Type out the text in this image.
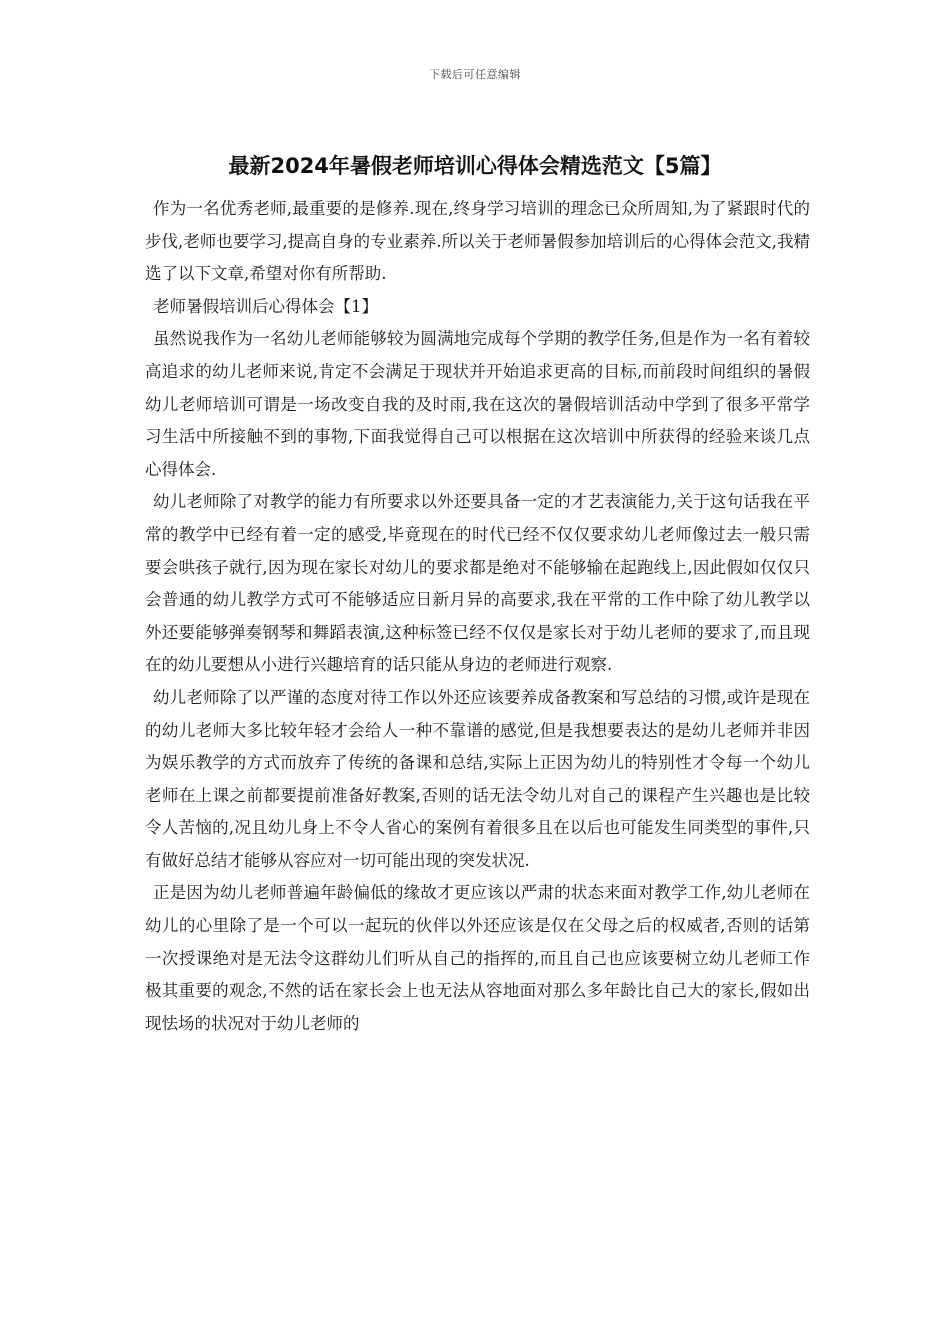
下载后可任意编辑
最新2024年暑假老师培训心得体会精选范文【5篇】

作为一名优秀老师,最重要的是修养.现在,终身学习培训的理念已众所周知,为了紧跟时代的步伐,老师也要学习,提高自身的专业素养.所以关于老师暑假参加培训后的心得体会范文,我精选了以下文章,希望对你有所帮助.

老师暑假培训后心得体会【1】

虽然说我作为一名幼儿老师能够较为圆满地完成每个学期的教学任务,但是作为一名有着较高追求的幼儿老师来说,肯定不会满足于现状并开始追求更高的目标,而前段时间组织的暑假幼儿老师培训可谓是一场改变自我的及时雨,我在这次的暑假培训活动中学到了很多平常学习生活中所接触不到的事物,下面我觉得自己可以根据在这次培训中所获得的经验来谈几点心得体会.

幼儿老师除了对教学的能力有所要求以外还要具备一定的才艺表演能力,关于这句话我在平常的教学中已经有着一定的感受,毕竟现在的时代已经不仅仅要求幼儿老师像过去一般只需要会哄孩子就行,因为现在家长对幼儿的要求都是绝对不能够输在起跑线上,因此假如仅仅只会普通的幼儿教学方式可不能够适应日新月异的高要求,我在平常的工作中除了幼儿教学以外还要能够弹奏钢琴和舞蹈表演,这种标签已经不仅仅是家长对于幼儿老师的要求了,而且现在的幼儿要想从小进行兴趣培育的话只能从身边的老师进行观察.

幼儿老师除了以严谨的态度对待工作以外还应该要养成备教案和写总结的习惯,或许是现在的幼儿老师大多比较年轻才会给人一种不靠谱的感觉,但是我想要表达的是幼儿老师并非因为娱乐教学的方式而放弃了传统的备课和总结,实际上正因为幼儿的特别性才令每一个幼儿老师在上课之前都要提前准备好教案,否则的话无法令幼儿对自己的课程产生兴趣也是比较令人苦恼的,况且幼儿身上不令人省心的案例有着很多且在以后也可能发生同类型的事件,只有做好总结才能够从容应对一切可能出现的突发状况.

正是因为幼儿老师普遍年龄偏低的缘故才更应该以严肃的状态来面对教学工作,幼儿老师在幼儿的心里除了是一个可以一起玩的伙伴以外还应该是仅在父母之后的权威者,否则的话第一次授课绝对是无法令这群幼儿们听从自己的指挥的,而且自己也应该要树立幼儿老师工作极其重要的观念,不然的话在家长会上也无法从容地面对那么多年龄比自己大的家长,假如出现怯场的状况对于幼儿老师的
